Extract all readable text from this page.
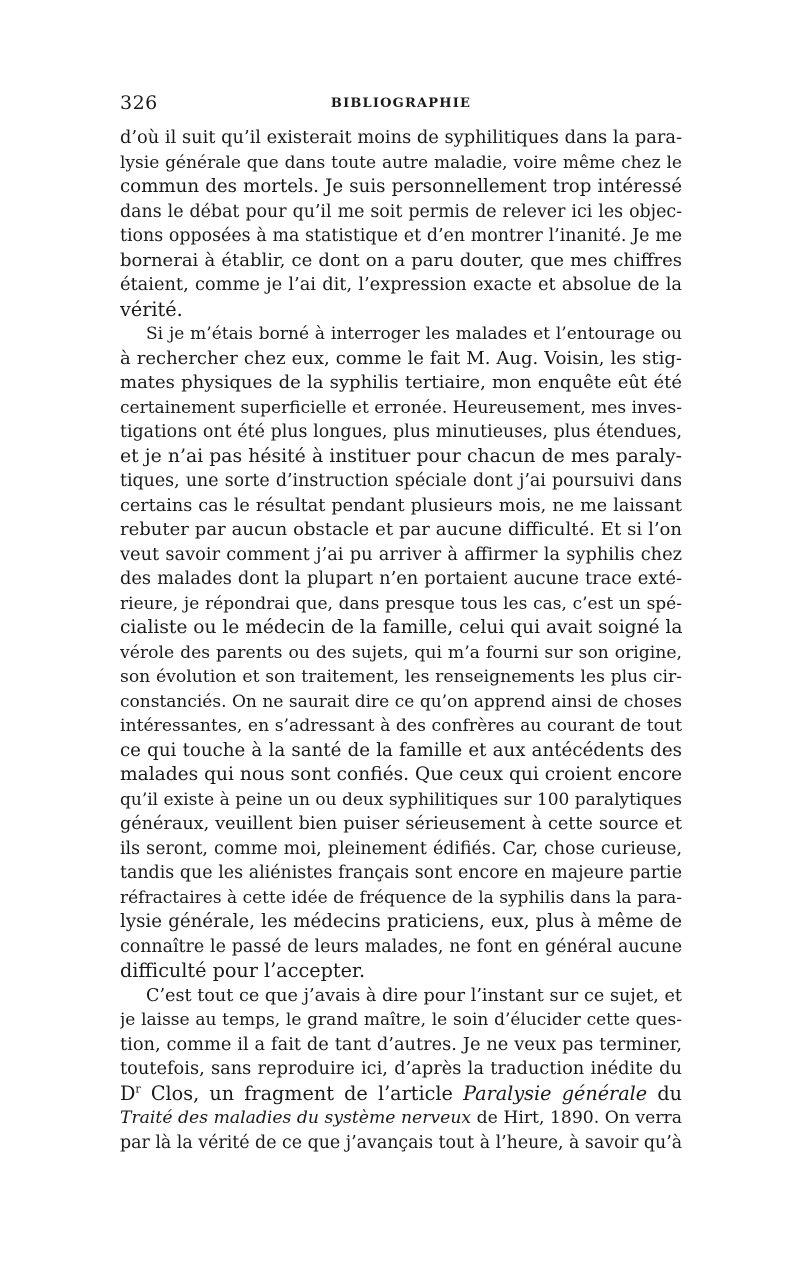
326	BIBLIOGRAPHIE
d’où il suit qu’il existerait moins de syphilitiques dans la para-
lysie générale que dans toute autre maladie, voire même chez le
commun des mortels. Je suis personnellement trop intéressé
dans le débat pour qu’il me soit permis de relever ici les objec-
tions opposées à ma statistique et d’en montrer l’inanité. Je me
bornerai à établir, ce dont on a paru douter, que mes chiffres
étaient, comme je l’ai dit, l’expression exacte et absolue de la
vérité.
Si je m’étais borné à interroger les malades et l’entourage ou
à rechercher chez eux, comme le fait M. Aug. Voisin, les stig-
mates physiques de la syphilis tertiaire, mon enquête eût été
certainement superficielle et erronée. Heureusement, mes inves-
tigations ont été plus longues, plus minutieuses, plus étendues,
et je n’ai pas hésité à instituer pour chacun de mes paraly-
tiques, une sorte d’instruction spéciale dont j’ai poursuivi dans
certains cas le résultat pendant plusieurs mois, ne me laissant
rebuter par aucun obstacle et par aucune difficulté. Et si l’on
veut savoir comment j’ai pu arriver à affirmer la syphilis chez
des malades dont la plupart n’en portaient aucune trace exté-
rieure, je répondrai que, dans presque tous les cas, c’est un spé-
cialiste ou le médecin de la famille, celui qui avait soigné la
vérole des parents ou des sujets, qui m’a fourni sur son origine,
son évolution et son traitement, les renseignements les plus cir-
constanciés. On ne saurait dire ce qu’on apprend ainsi de choses
intéressantes, en s’adressant à des confrères au courant de tout
ce qui touche à la santé de la famille et aux antécédents des
malades qui nous sont confiés. Que ceux qui croient encore
qu’il existe à peine un ou deux syphilitiques sur 100 paralytiques
généraux, veuillent bien puiser sérieusement à cette source et
ils seront, comme moi, pleinement édifiés. Car, chose curieuse,
tandis que les aliénistes français sont encore en majeure partie
réfractaires à cette idée de fréquence de la syphilis dans la para-
lysie générale, les médecins praticiens, eux, plus à même de
connaître le passé de leurs malades, ne font en général aucune
difficulté pour l’accepter.
C’est tout ce que j’avais à dire pour l’instant sur ce sujet, et
je laisse au temps, le grand maître, le soin d’élucider cette ques-
tion, comme il a fait de tant d’autres. Je ne veux pas terminer,
toutefois, sans reproduire ici, d’après la traduction inédite du
$D^r$ Clos, un fragment de l’article Paralysie générale du
Traité des maladies du système nerveux de Hirt, 1890. On verra
par là la vérité de ce que j’avançais tout à l’heure, à savoir qu’à
